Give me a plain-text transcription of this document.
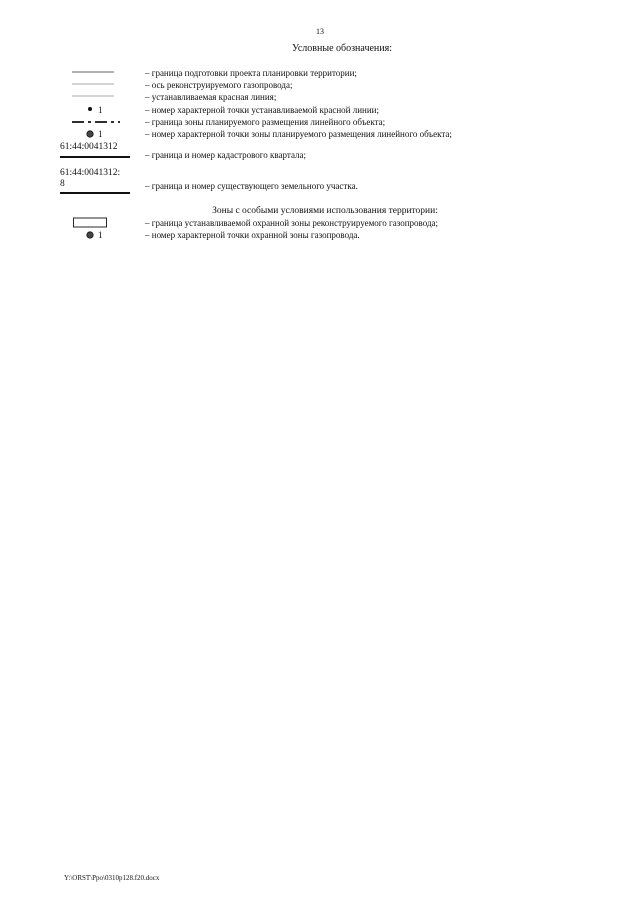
13
Условные обозначения:
– граница подготовки проекта планировки территории;
– ось реконструируемого газопровода;
– устанавливаемая красная линия;
1	– номер характерной точки устанавливаемой красной линии;
– граница зоны планируемого размещения линейного объекта;
1	– номер характерной точки зоны планируемого размещения линейного объекта;
61:44:0041312
– граница и номер кадастрового квартала;
61:44:0041312:
8	– граница и номер существующего земельного участка.
Зоны с особыми условиями использования территории:
– граница устанавливаемой охранной зоны реконструируемого газопровода;
1	– номер характерной точки охранной зоны газопровода.
Y:\ORST\Ppo\0310p128.f20.docx
